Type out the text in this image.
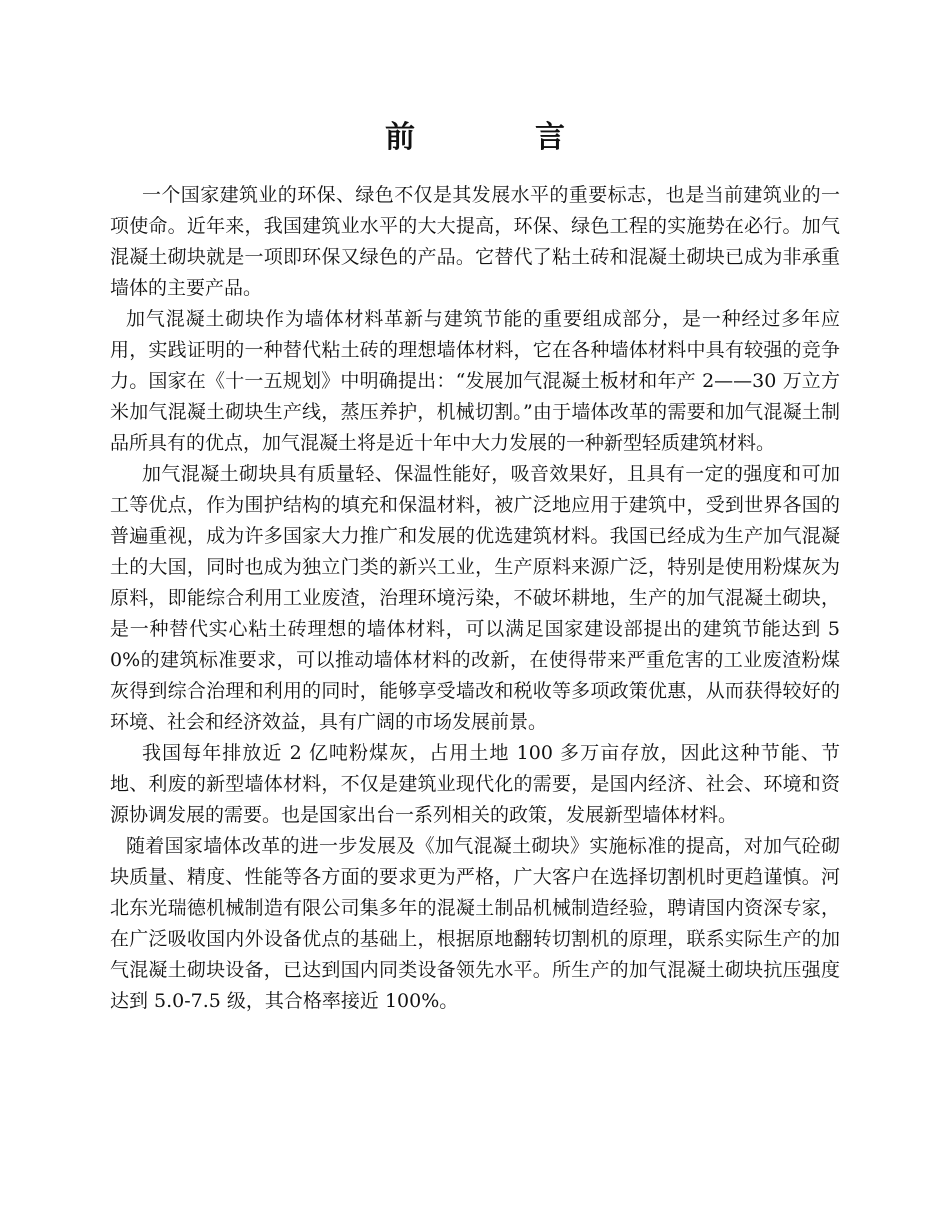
前	言

一个国家建筑业的环保、绿色不仅是其发展水平的重要标志，也是当前建筑业的一项使命。近年来，我国建筑业水平的大大提高，环保、绿色工程的实施势在必行。加气混凝土砌块就是一项即环保又绿色的产品。它替代了粘土砖和混凝土砌块已成为非承重墙体的主要产品。

加气混凝土砌块作为墙体材料革新与建筑节能的重要组成部分，是一种经过多年应用，实践证明的一种替代粘土砖的理想墙体材料，它在各种墙体材料中具有较强的竞争力。国家在《十一五规划》中明确提出：“发展加气混凝土板材和年产 2——30 万立方米加气混凝土砌块生产线，蒸压养护，机械切割。”由于墙体改革的需要和加气混凝土制品所具有的优点，加气混凝土将是近十年中大力发展的一种新型轻质建筑材料。

加气混凝土砌块具有质量轻、保温性能好，吸音效果好，且具有一定的强度和可加工等优点，作为围护结构的填充和保温材料，被广泛地应用于建筑中，受到世界各国的普遍重视，成为许多国家大力推广和发展的优选建筑材料。我国已经成为生产加气混凝土的大国，同时也成为独立门类的新兴工业，生产原料来源广泛，特别是使用粉煤灰为原料，即能综合利用工业废渣，治理环境污染，不破坏耕地，生产的加气混凝土砌块，是一种替代实心粘土砖理想的墙体材料，可以满足国家建设部提出的建筑节能达到 50%的建筑标准要求，可以推动墙体材料的改新，在使得带来严重危害的工业废渣粉煤灰得到综合治理和利用的同时，能够享受墙改和税收等多项政策优惠，从而获得较好的环境、社会和经济效益，具有广阔的市场发展前景。

我国每年排放近 2 亿吨粉煤灰，占用土地 100 多万亩存放，因此这种节能、节地、利废的新型墙体材料，不仅是建筑业现代化的需要，是国内经济、社会、环境和资源协调发展的需要。也是国家出台一系列相关的政策，发展新型墙体材料。

随着国家墙体改革的进一步发展及《加气混凝土砌块》实施标准的提高，对加气砼砌块质量、精度、性能等各方面的要求更为严格，广大客户在选择切割机时更趋谨慎。河北东光瑞德机械制造有限公司集多年的混凝土制品机械制造经验，聘请国内资深专家，在广泛吸收国内外设备优点的基础上，根据原地翻转切割机的原理，联系实际生产的加气混凝土砌块设备，已达到国内同类设备领先水平。所生产的加气混凝土砌块抗压强度达到 5.0-7.5 级，其合格率接近 100%。
